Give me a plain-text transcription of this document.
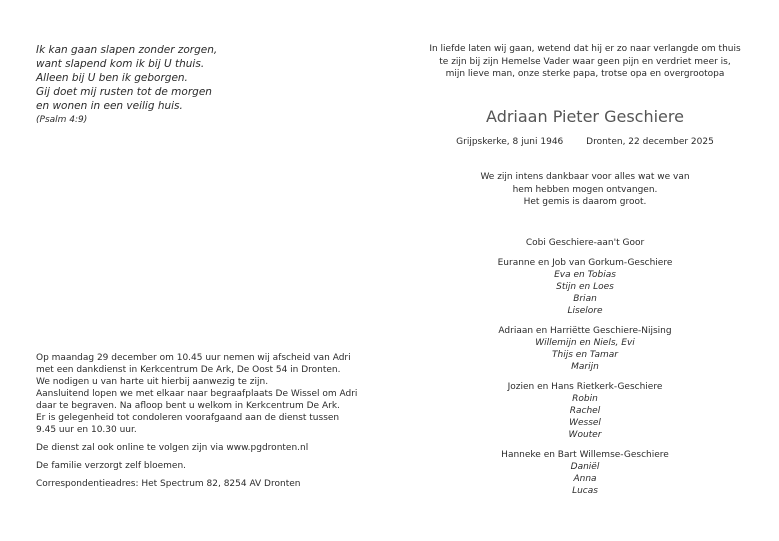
Ik kan gaan slapen zonder zorgen,
want slapend kom ik bij U thuis.
Alleen bij U ben ik geborgen.
Gij doet mij rusten tot de morgen
en wonen in een veilig huis.
(Psalm 4:9)

Op maandag 29 december om 10.45 uur nemen wij afscheid van Adri

met een dankdienst in Kerkcentrum De Ark, De Oost 54 in Dronten.

We nodigen u van harte uit hierbij aanwezig te zijn.

Aansluitend lopen we met elkaar naar begraafplaats De Wissel om Adri

daar te begraven. Na afloop bent u welkom in Kerkcentrum De Ark.

Er is gelegenheid tot condoleren voorafgaand aan de dienst tussen

9.45 uur en 10.30 uur.

De dienst zal ook online te volgen zijn via www.pgdronten.nl

De familie verzorgt zelf bloemen.

Correspondentieadres: Het Spectrum 82, 8254 AV Dronten

In liefde laten wij gaan, wetend dat hij er zo naar verlangde om thuis
te zijn bij zijn Hemelse Vader waar geen pijn en verdriet meer is,
mijn lieve man, onze sterke papa, trotse opa en overgrootopa
Adriaan Pieter Geschiere
Grijpskerke, 8 juni 1946	Dronten, 22 december 2025
We zijn intens dankbaar voor alles wat we van
hem hebben mogen ontvangen.
Het gemis is daarom groot.
Cobi Geschiere-aan't Goor
Euranne en Job van Gorkum-Geschiere
Eva en Tobias
Stijn en Loes
Brian
Liselore
Adriaan en Harriëtte Geschiere-Nijsing
Willemijn en Niels, Evi
Thijs en Tamar
Marijn
Jozien en Hans Rietkerk-Geschiere
Robin
Rachel
Wessel
Wouter
Hanneke en Bart Willemse-Geschiere
Daniël
Anna
Lucas
